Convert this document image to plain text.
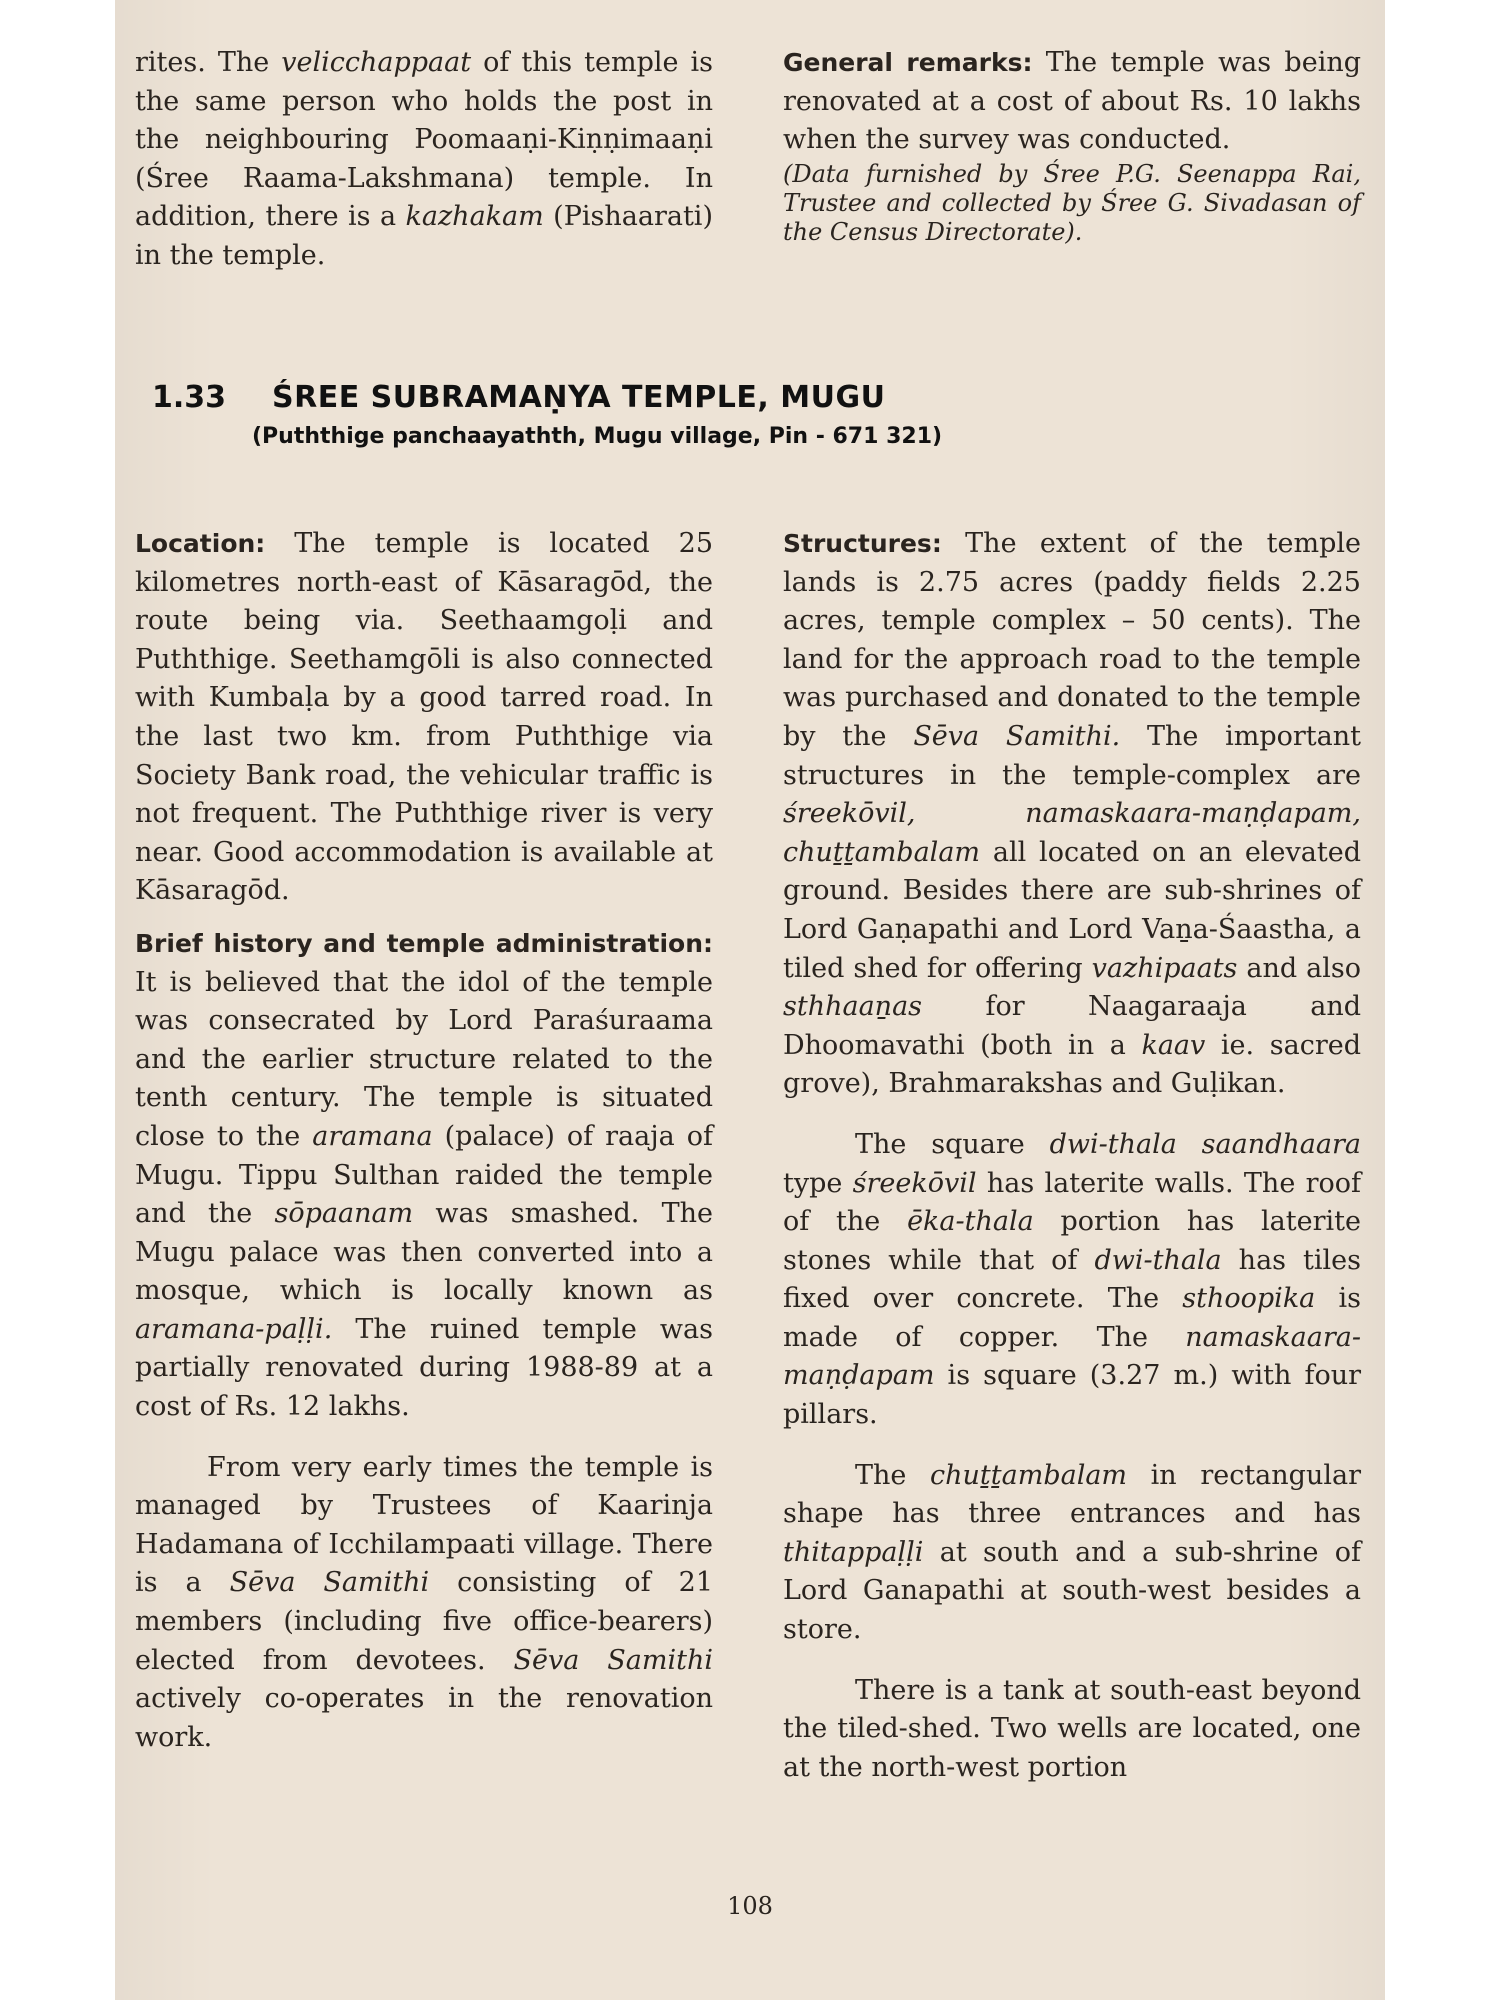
rites. The velicchappaat of this temple is the same person who holds the post in the neighbouring Poomaaṇi-Kiṇṇimaaṇi (Śree Raama-Lakshmana) temple. In addition, there is a kazhakam (Pishaarati) in the temple.

General remarks: The temple was being renovated at a cost of about Rs. 10 lakhs when the survey was conducted.

(Data furnished by Śree P.G. Seenappa Rai, Trustee and collected by Śree G. Sivadasan of the Census Directorate).

1.33 ŚREE SUBRAMAṆYA TEMPLE, MUGU
(Puththige panchaayathth, Mugu village, Pin - 671 321)

Location: The temple is located 25 kilometres north-east of Kāsaragōd, the route being via. Seethaamgoḷi and Puththige. Seethamgōli is also connected with Kumbaḷa by a good tarred road. In the last two km. from Puththige via Society Bank road, the vehicular traffic is not frequent. The Puththige river is very near. Good accommodation is available at Kāsaragōd.

Brief history and temple administration: It is believed that the idol of the temple was consecrated by Lord Paraśuraama and the earlier structure related to the tenth century. The temple is situated close to the aramana (palace) of raaja of Mugu. Tippu Sulthan raided the temple and the sōpaanam was smashed. The Mugu palace was then converted into a mosque, which is locally known as aramana-paḷḷi. The ruined temple was partially renovated during 1988-89 at a cost of Rs. 12 lakhs.

From very early times the temple is managed by Trustees of Kaarinja Hadamana of Icchilampaati village. There is a Sēva Samithi consisting of 21 members (including five office-bearers) elected from devotees. Sēva Samithi actively co-operates in the renovation work.

Structures: The extent of the temple lands is 2.75 acres (paddy fields 2.25 acres, temple complex – 50 cents). The land for the approach road to the temple was purchased and donated to the temple by the Sēva Samithi. The important structures in the temple-complex are śreekōvil, namaskaara-maṇḍapam, chuṯṯambalam all located on an elevated ground. Besides there are sub-shrines of Lord Gaṇapathi and Lord Vaṉa-Śaastha, a tiled shed for offering vazhipaats and also sthhaaṉas for Naagaraaja and Dhoomavathi (both in a kaav ie. sacred grove), Brahmarakshas and Guḷikan.

The square dwi-thala saandhaara type śreekōvil has laterite walls. The roof of the ēka-thala portion has laterite stones while that of dwi-thala has tiles fixed over concrete. The sthoopika is made of copper. The namaskaara-maṇḍapam is square (3.27 m.) with four pillars.

The chuṯṯambalam in rectangular shape has three entrances and has thitappaḷḷi at south and a sub-shrine of Lord Ganapathi at south-west besides a store.

There is a tank at south-east beyond the tiled-shed. Two wells are located, one at the north-west portion

108
